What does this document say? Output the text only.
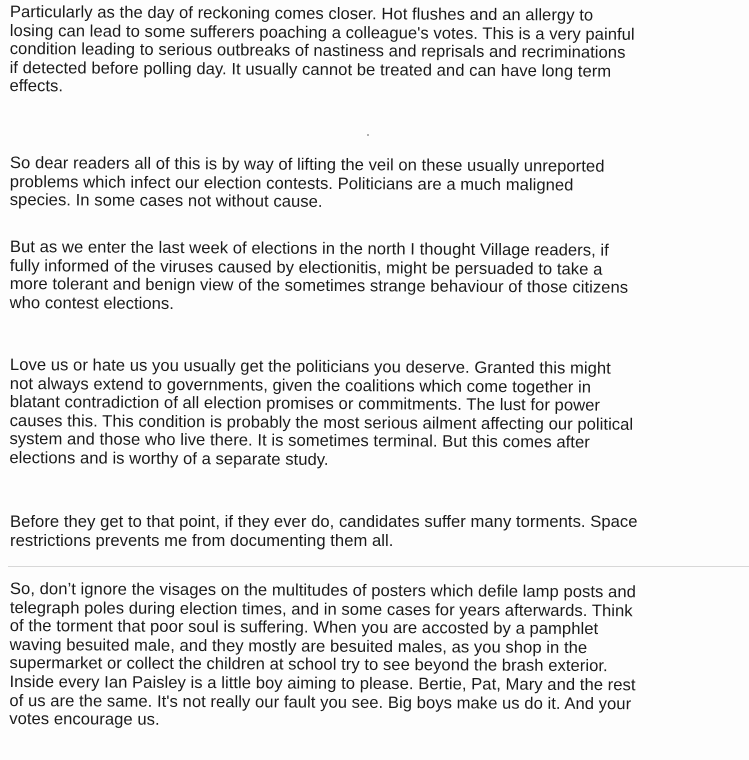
Particularly as the day of reckoning comes closer. Hot flushes and an allergy to
losing can lead to some sufferers poaching a colleague's votes. This is a very painful
condition leading to serious outbreaks of nastiness and reprisals and recriminations
if detected before polling day. It usually cannot be treated and can have long term
effects.

So dear readers all of this is by way of lifting the veil on these usually unreported
problems which infect our election contests. Politicians are a much maligned
species. In some cases not without cause.

But as we enter the last week of elections in the north I thought Village readers, if
fully informed of the viruses caused by electionitis, might be persuaded to take a
more tolerant and benign view of the sometimes strange behaviour of those citizens
who contest elections.

Love us or hate us you usually get the politicians you deserve. Granted this might
not always extend to governments, given the coalitions which come together in
blatant contradiction of all election promises or commitments. The lust for power
causes this. This condition is probably the most serious ailment affecting our political
system and those who live there. It is sometimes terminal. But this comes after
elections and is worthy of a separate study.

Before they get to that point, if they ever do, candidates suffer many torments. Space
restrictions prevents me from documenting them all.

So, don’t ignore the visages on the multitudes of posters which defile lamp posts and
telegraph poles during election times, and in some cases for years afterwards. Think
of the torment that poor soul is suffering. When you are accosted by a pamphlet
waving besuited male, and they mostly are besuited males, as you shop in the
supermarket or collect the children at school try to see beyond the brash exterior.
Inside every Ian Paisley is a little boy aiming to please. Bertie, Pat, Mary and the rest
of us are the same. It's not really our fault you see. Big boys make us do it. And your
votes encourage us.
